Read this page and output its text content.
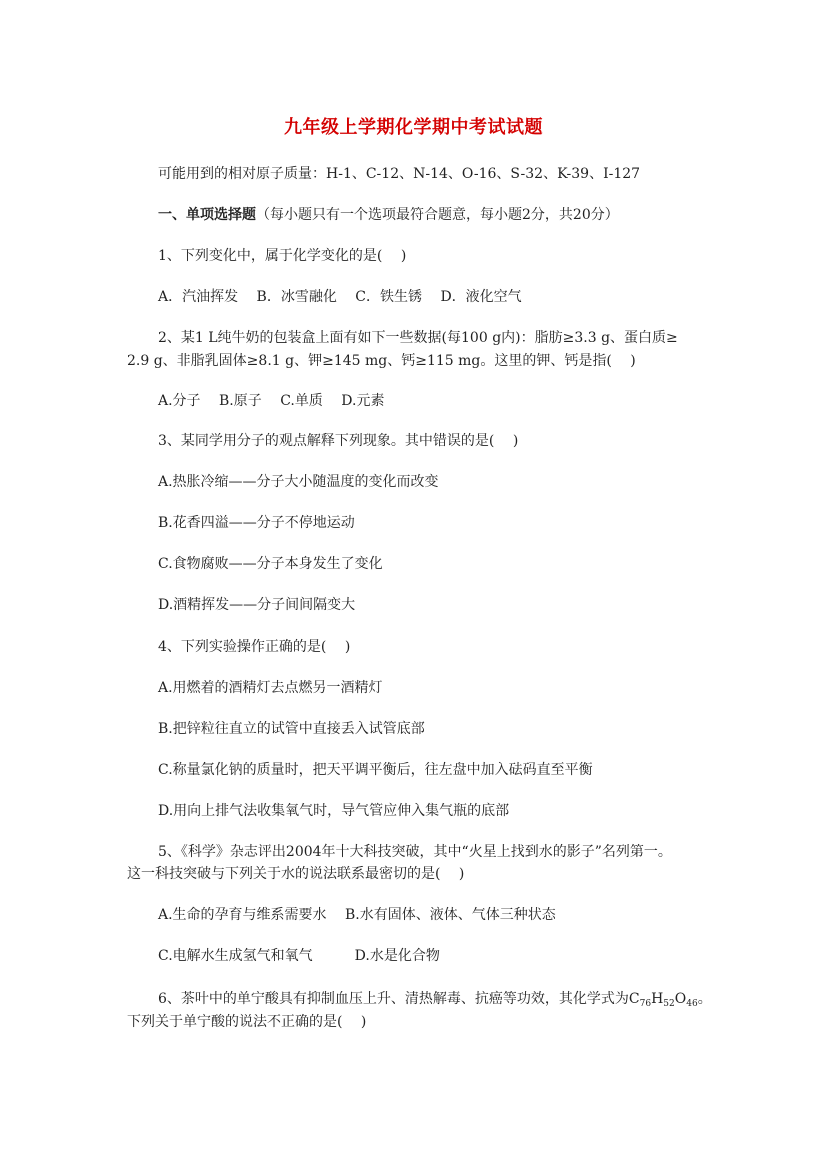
九年级上学期化学期中考试试题
可能用到的相对原子质量：H-1、C-12、N-14、O-16、S-32、K-39、I-127
一、单项选择题（每小题只有一个选项最符合题意，每小题2分，共20分）
1、下列变化中，属于化学变化的是(　 )
A．汽油挥发　 B．冰雪融化　 C．铁生锈　 D．液化空气
2、某1 L纯牛奶的包装盒上面有如下一些数据(每100 g内)：脂肪≥3.3 g、蛋白质≥
2.9 g、非脂乳固体≥8.1 g、钾≥145 mg、钙≥115 mg。这里的钾、钙是指(　 )
A.分子　 B.原子　 C.单质　 D.元素
3、某同学用分子的观点解释下列现象。其中错误的是(　 )
A.热胀冷缩——分子大小随温度的变化而改变
B.花香四溢——分子不停地运动
C.食物腐败——分子本身发生了变化
D.酒精挥发——分子间间隔变大
4、下列实验操作正确的是(　 )
A.用燃着的酒精灯去点燃另一酒精灯
B.把锌粒往直立的试管中直接丢入试管底部
C.称量氯化钠的质量时，把天平调平衡后，往左盘中加入砝码直至平衡
D.用向上排气法收集氧气时，导气管应伸入集气瓶的底部
5、《科学》杂志评出2004年十大科技突破，其中“火星上找到水的影子”名列第一。
这一科技突破与下列关于水的说法联系最密切的是(　 )
A.生命的孕育与维系需要水　 B.水有固体、液体、气体三种状态
C.电解水生成氢气和氧气　　　D.水是化合物
6、茶叶中的单宁酸具有抑制血压上升、清热解毒、抗癌等功效，其化学式为$C_{76}H_{52}O_{46}$。
下列关于单宁酸的说法不正确的是(　 )
